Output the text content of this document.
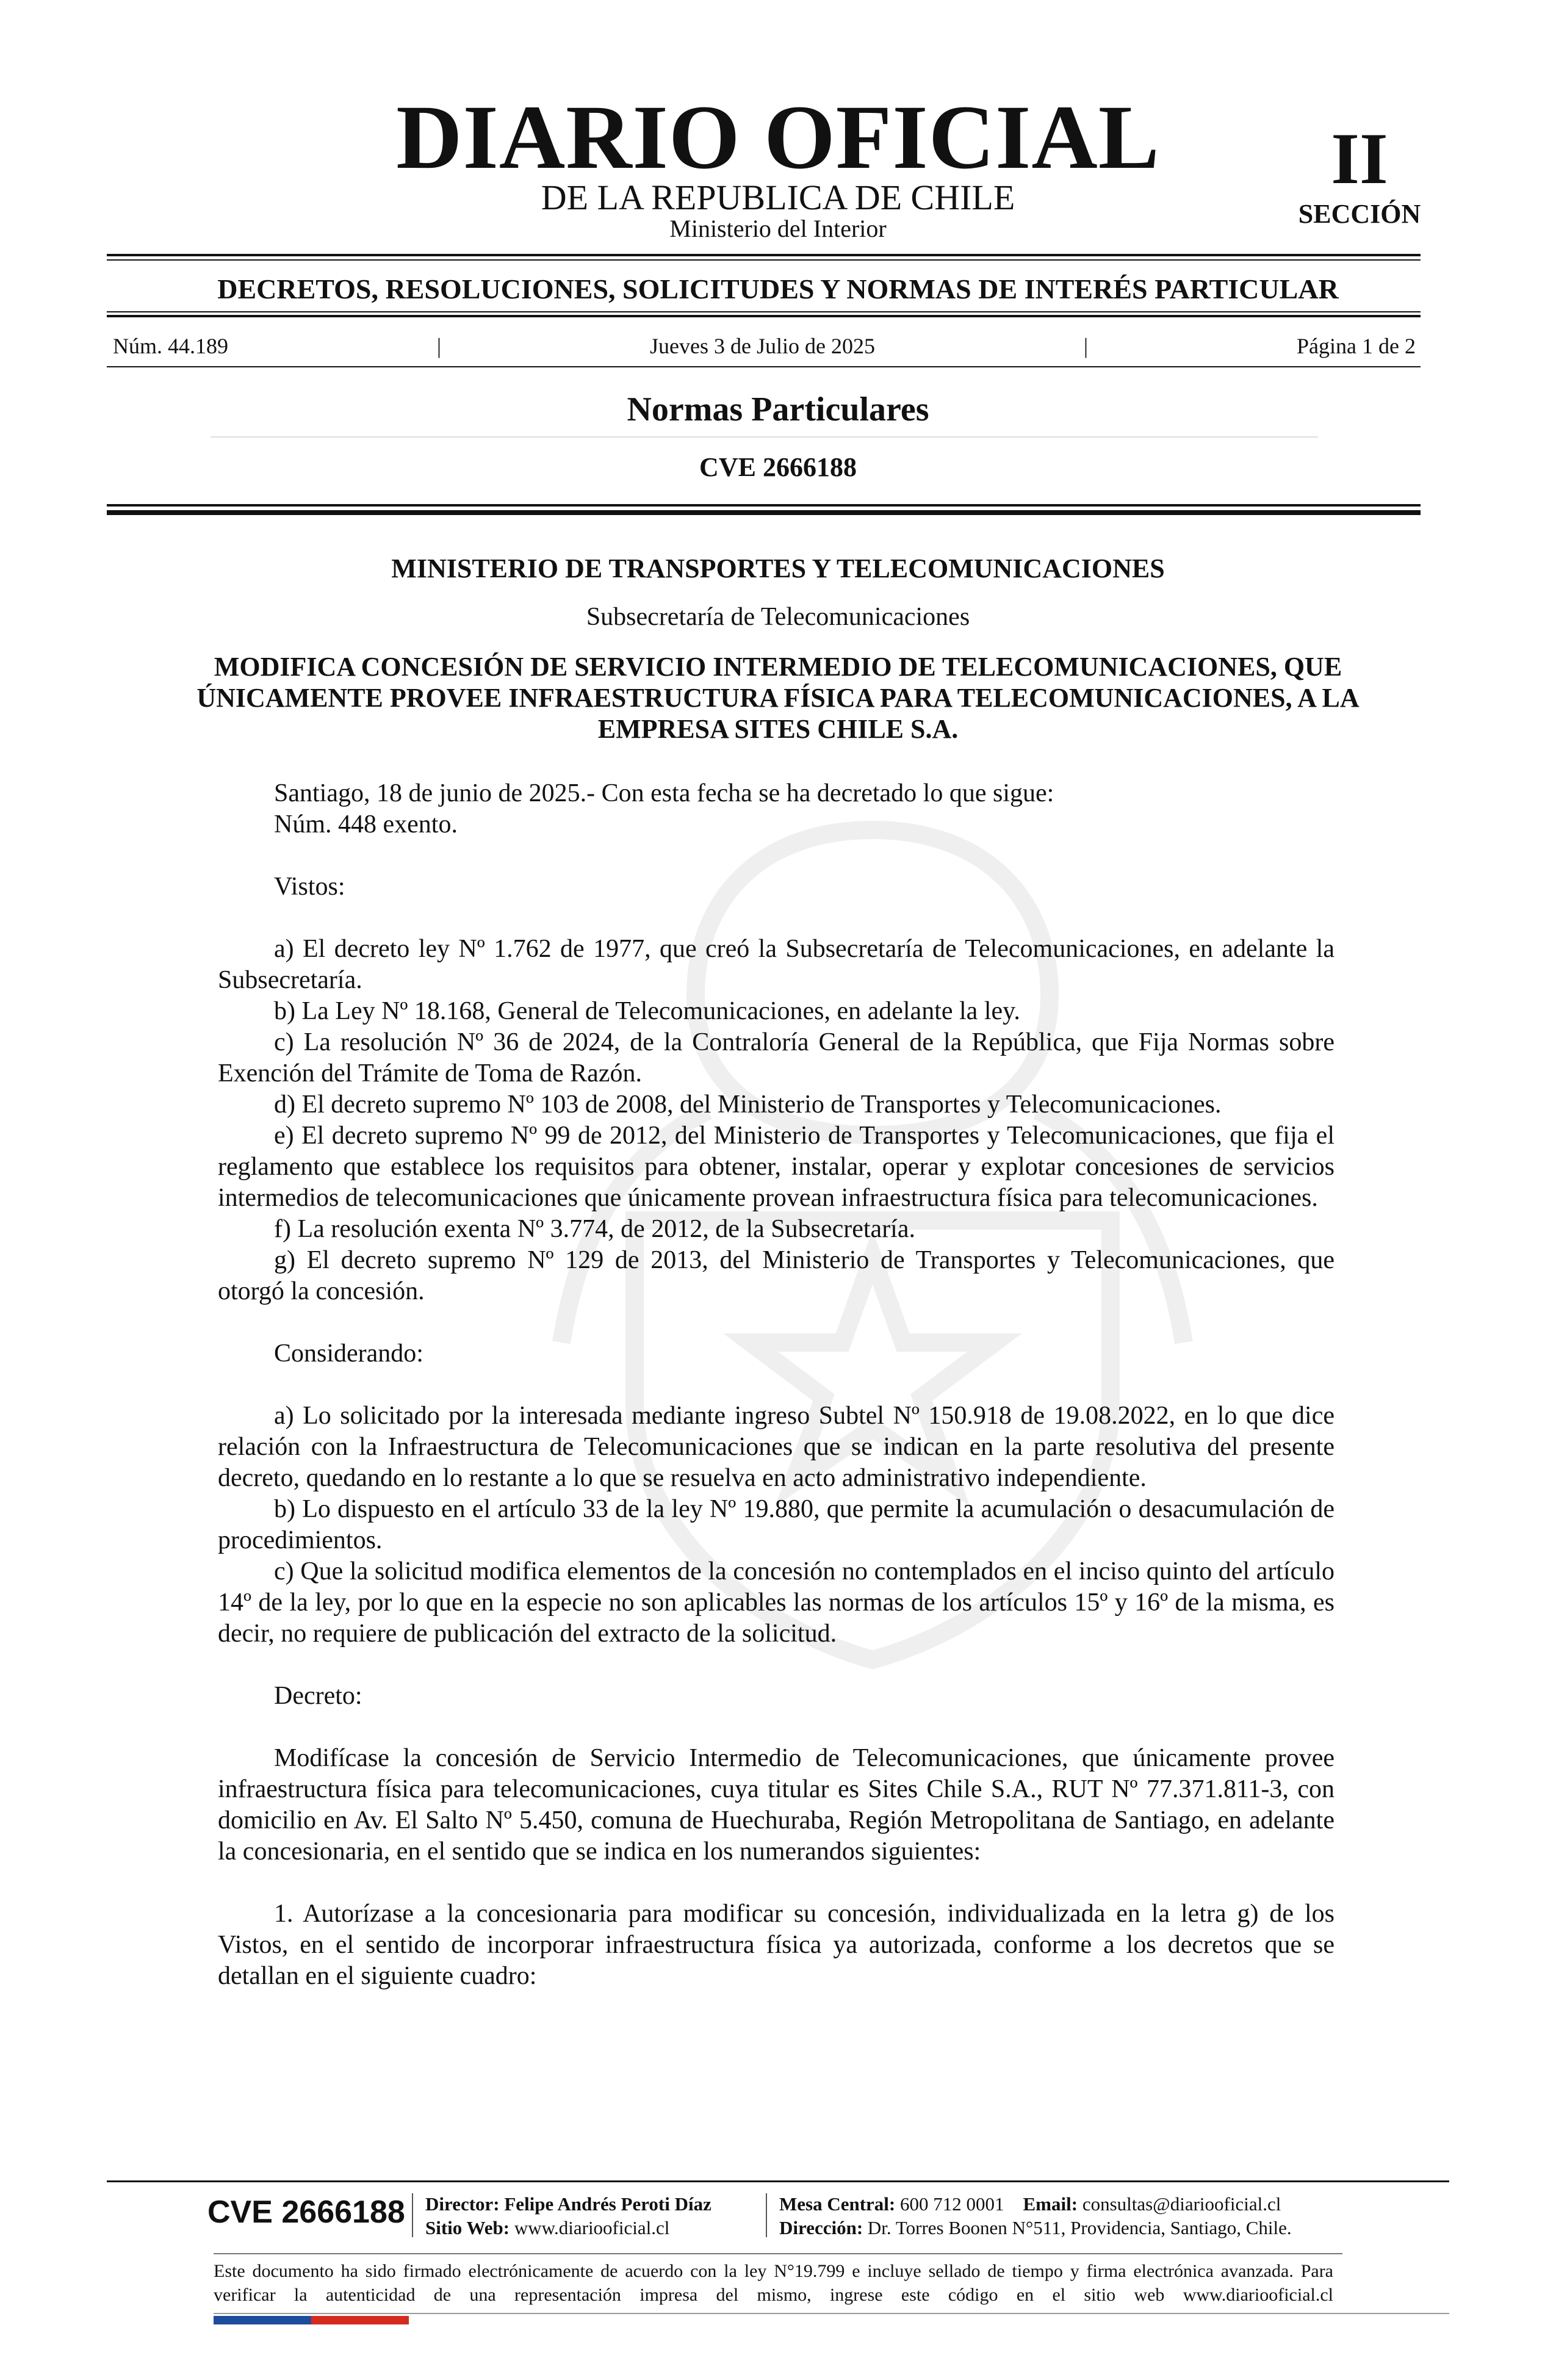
DIARIO OFICIAL
DE LA REPUBLICA DE CHILE
Ministerio del Interior
II
SECCIÓN
DECRETOS, RESOLUCIONES, SOLICITUDES Y NORMAS DE INTERÉS PARTICULAR
Núm. 44.189	|	Jueves 3 de Julio de 2025	|	Página 1 de 2
Normas Particulares
CVE 2666188
MINISTERIO DE TRANSPORTES Y TELECOMUNICACIONES
Subsecretaría de Telecomunicaciones
MODIFICA CONCESIÓN DE SERVICIO INTERMEDIO DE TELECOMUNICACIONES, QUE ÚNICAMENTE PROVEE INFRAESTRUCTURA FÍSICA PARA TELECOMUNICACIONES, A LA EMPRESA SITES CHILE S.A.

Santiago, 18 de junio de 2025.- Con esta fecha se ha decretado lo que sigue:

Núm. 448 exento.

Vistos:

a) El decreto ley Nº 1.762 de 1977, que creó la Subsecretaría de Telecomunicaciones, en adelante la Subsecretaría.

b) La Ley Nº 18.168, General de Telecomunicaciones, en adelante la ley.

c) La resolución Nº 36 de 2024, de la Contraloría General de la República, que Fija Normas sobre Exención del Trámite de Toma de Razón.

d) El decreto supremo Nº 103 de 2008, del Ministerio de Transportes y Telecomunicaciones.

e) El decreto supremo Nº 99 de 2012, del Ministerio de Transportes y Telecomunicaciones, que fija el reglamento que establece los requisitos para obtener, instalar, operar y explotar concesiones de servicios intermedios de telecomunicaciones que únicamente provean infraestructura física para telecomunicaciones.

f) La resolución exenta Nº 3.774, de 2012, de la Subsecretaría.

g) El decreto supremo Nº 129 de 2013, del Ministerio de Transportes y Telecomunicaciones, que otorgó la concesión.

Considerando:

a) Lo solicitado por la interesada mediante ingreso Subtel Nº 150.918 de 19.08.2022, en lo que dice relación con la Infraestructura de Telecomunicaciones que se indican en la parte resolutiva del presente decreto, quedando en lo restante a lo que se resuelva en acto administrativo independiente.

b) Lo dispuesto en el artículo 33 de la ley Nº 19.880, que permite la acumulación o desacumulación de procedimientos.

c) Que la solicitud modifica elementos de la concesión no contemplados en el inciso quinto del artículo 14º de la ley, por lo que en la especie no son aplicables las normas de los artículos 15º y 16º de la misma, es decir, no requiere de publicación del extracto de la solicitud.

Decreto:

Modifícase la concesión de Servicio Intermedio de Telecomunicaciones, que únicamente provee infraestructura física para telecomunicaciones, cuya titular es Sites Chile S.A., RUT Nº 77.371.811-3, con domicilio en Av. El Salto Nº 5.450, comuna de Huechuraba, Región Metropolitana de Santiago, en adelante la concesionaria, en el sentido que se indica en los numerandos siguientes:

1. Autorízase a la concesionaria para modificar su concesión, individualizada en la letra g) de los Vistos, en el sentido de incorporar infraestructura física ya autorizada, conforme a los decretos que se detallan en el siguiente cuadro:

CVE 2666188 Director: Felipe Andrés Peroti Díaz
Sitio Web: www.diariooficial.cl
Mesa Central: 600 712 0001 Email: consultas@diariooficial.cl
Dirección: Dr. Torres Boonen N°511, Providencia, Santiago, Chile.
Este documento ha sido firmado electrónicamente de acuerdo con la ley N°19.799 e incluye sellado de tiempo y firma electrónica avanzada. Para verificar la autenticidad de una representación impresa del mismo, ingrese este código en el sitio web www.diariooficial.cl
